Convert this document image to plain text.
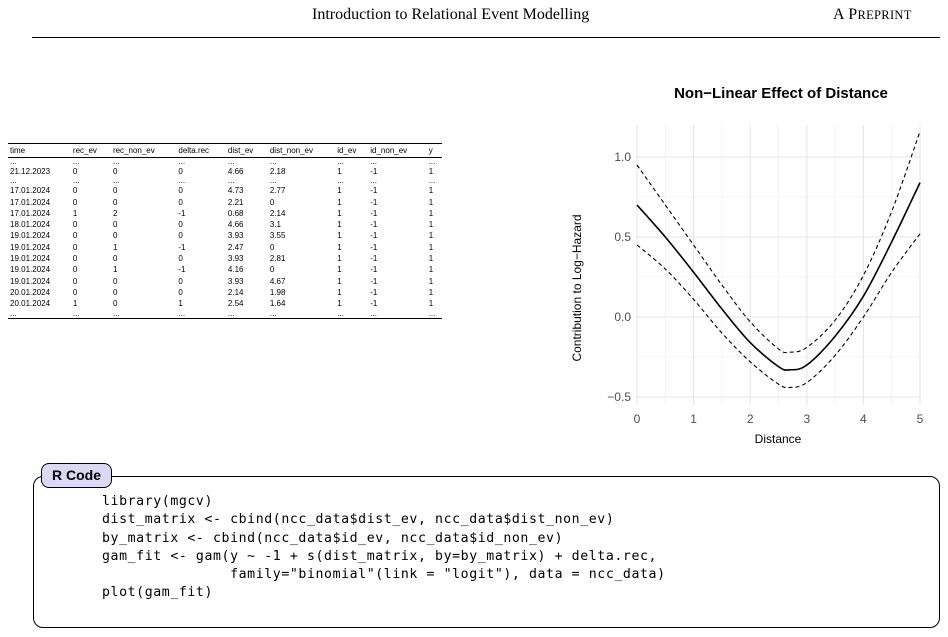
Introduction to Relational Event Modelling	A PREPRINT
time	rec_ev	rec_non_ev	delta.rec	dist_ev	dist_non_ev	id_ev	id_non_ev	y
...	...	...	...	...	...	...	...	...
21.12.2023	0	0	0	4.66	2.18	1	-1	1
...	...	...	...	...	...	...	...	...
17.01.2024	0	0	0	4.73	2.77	1	-1	1
17.01.2024	0	0	0	2.21	0	1	-1	1
17.01.2024	1	2	-1	0.68	2.14	1	-1	1
18.01.2024	0	0	0	4.66	3.1	1	-1	1
19.01.2024	0	0	0	3.93	3.55	1	-1	1
19.01.2024	0	1	-1	2.47	0	1	-1	1
19.01.2024	0	0	0	3.93	2.81	1	-1	1
19.01.2024	0	1	-1	4.16	0	1	-1	1
19.01.2024	0	0	0	3.93	4.67	1	-1	1
20.01.2024	0	0	0	2.14	1.98	1	-1	1
20.01.2024	1	0	1	2.54	1.64	1	-1	1
...	...	...	...	...	...	...	...	...
0	1	2	3	4	5
−0.5
0.0
0.5
1.0
Non−Linear Effect of Distance
Distance
Contribution to Log−Hazard
R Code
library(mgcv)
dist_matrix <- cbind(ncc_data$dist_ev, ncc_data$dist_non_ev)
by_matrix <- cbind(ncc_data$id_ev, ncc_data$id_non_ev)
gam_fit <- gam(y ~ -1 + s(dist_matrix, by=by_matrix) + delta.rec,
family="binomial"(link = "logit"), data = ncc_data)
plot(gam_fit)
